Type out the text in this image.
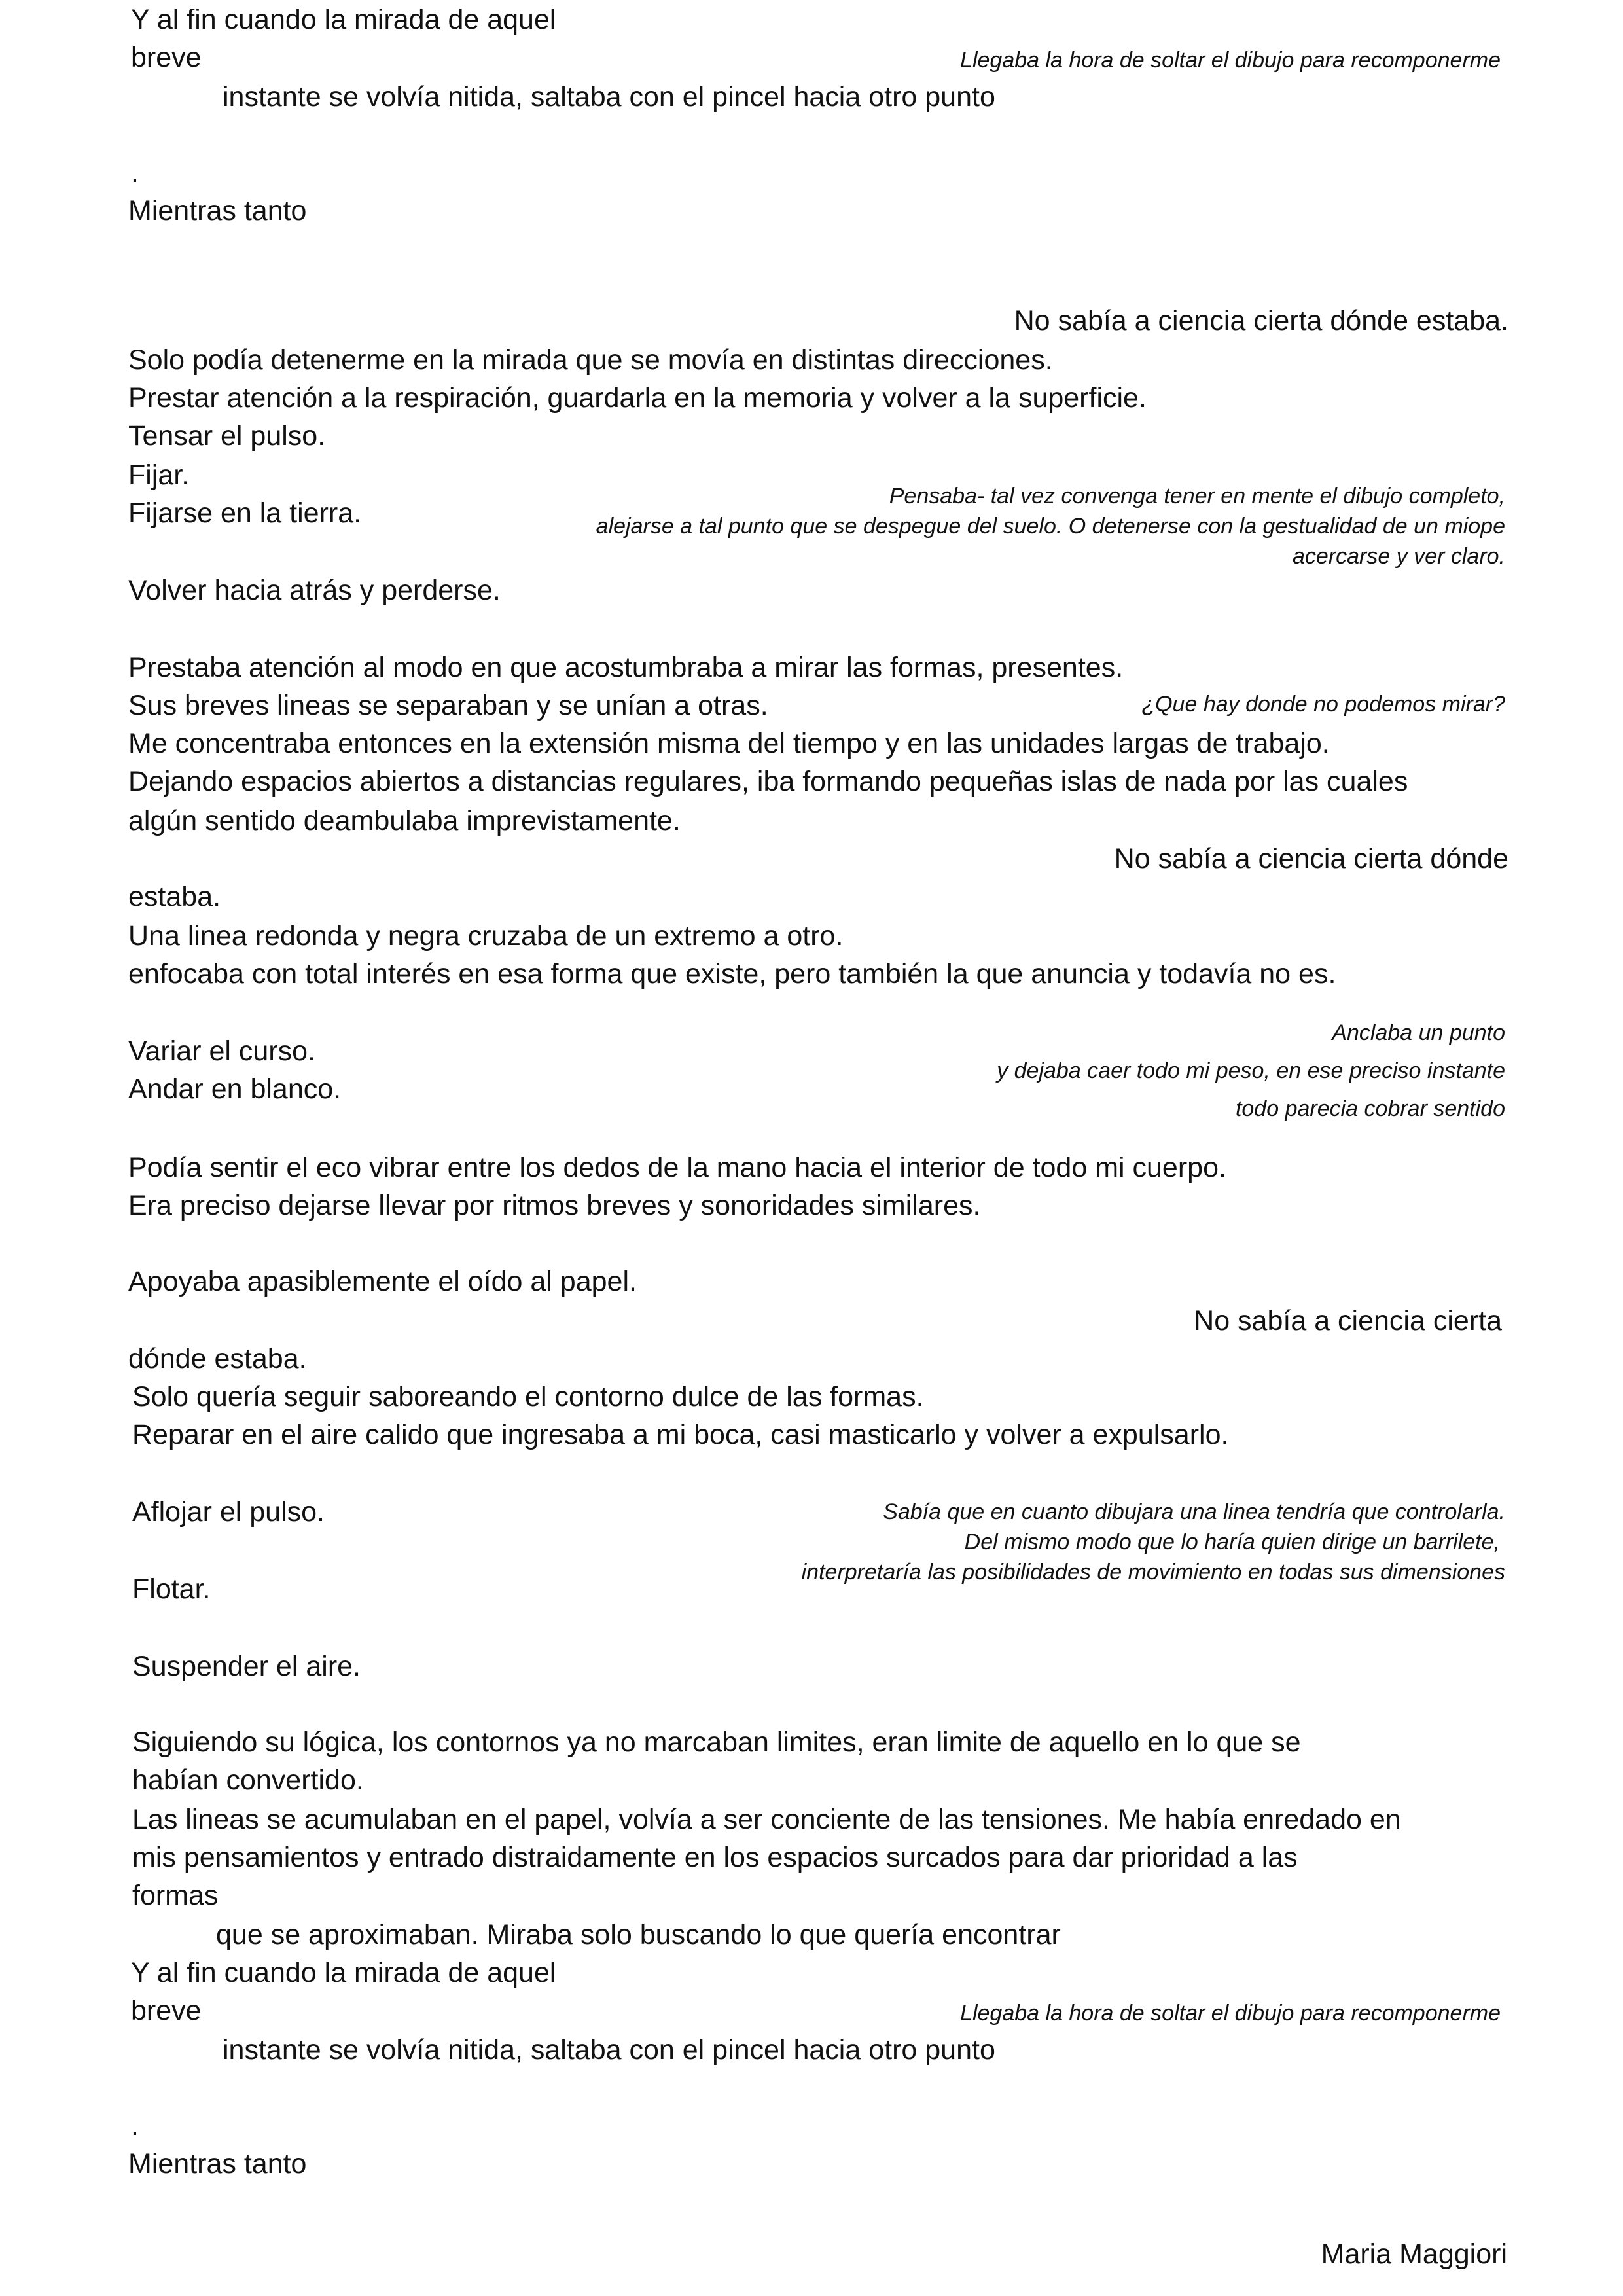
Y al fin cuando la mirada de aquel

breve	Llegaba la hora de soltar el dibujo para recomponerme

instante se volvía nitida, saltaba con el pincel hacia otro punto

.

Mientras tanto

No sabía a ciencia cierta dónde estaba.

Solo podía detenerme en la mirada que se movía en distintas direcciones.

Prestar atención a la respiración, guardarla en la memoria y volver a la superficie.

Tensar el pulso.

Fijar.

Fijarse en la tierra.

Pensaba- tal vez convenga tener en mente el dibujo completo,

alejarse a tal punto que se despegue del suelo. O detenerse con la gestualidad de un miope

acercarse y ver claro.

Volver hacia atrás y perderse.

Prestaba atención al modo en que acostumbraba a mirar las formas, presentes.

Sus breves lineas se separaban y se unían a otras.	¿Que hay donde no podemos mirar?

Me concentraba entonces en la extensión misma del tiempo y en las unidades largas de trabajo.

Dejando espacios abiertos a distancias regulares, iba formando pequeñas islas de nada por las cuales

algún sentido deambulaba imprevistamente.

No sabía a ciencia cierta dónde

estaba.

Una linea redonda y negra cruzaba de un extremo a otro.

enfocaba con total interés en esa forma que existe, pero también la que anuncia y todavía no es.

Anclaba un punto

Variar el curso.

y dejaba caer todo mi peso, en ese preciso instante

Andar en blanco.

todo parecia cobrar sentido

Podía sentir el eco vibrar entre los dedos de la mano hacia el interior de todo mi cuerpo.

Era preciso dejarse llevar por ritmos breves y sonoridades similares.

Apoyaba apasiblemente el oído al papel.

No sabía a ciencia cierta

dónde estaba.

Solo quería seguir saboreando el contorno dulce de las formas.

Reparar en el aire calido que ingresaba a mi boca, casi masticarlo y volver a expulsarlo.

Aflojar el pulso.	Sabía que en cuanto dibujara una linea tendría que controlarla.

Del mismo modo que lo haría quien dirige un barrilete,

Flotar.

interpretaría las posibilidades de movimiento en todas sus dimensiones

Suspender el aire.

Siguiendo su lógica, los contornos ya no marcaban limites, eran limite de aquello en lo que se

habían convertido.

Las lineas se acumulaban en el papel, volvía a ser conciente de las tensiones. Me había enredado en

mis pensamientos y entrado distraidamente en los espacios surcados para dar prioridad a las

formas

que se aproximaban. Miraba solo buscando lo que quería encontrar

Y al fin cuando la mirada de aquel

breve	Llegaba la hora de soltar el dibujo para recomponerme

instante se volvía nitida, saltaba con el pincel hacia otro punto

.

Mientras tanto

Maria Maggiori
